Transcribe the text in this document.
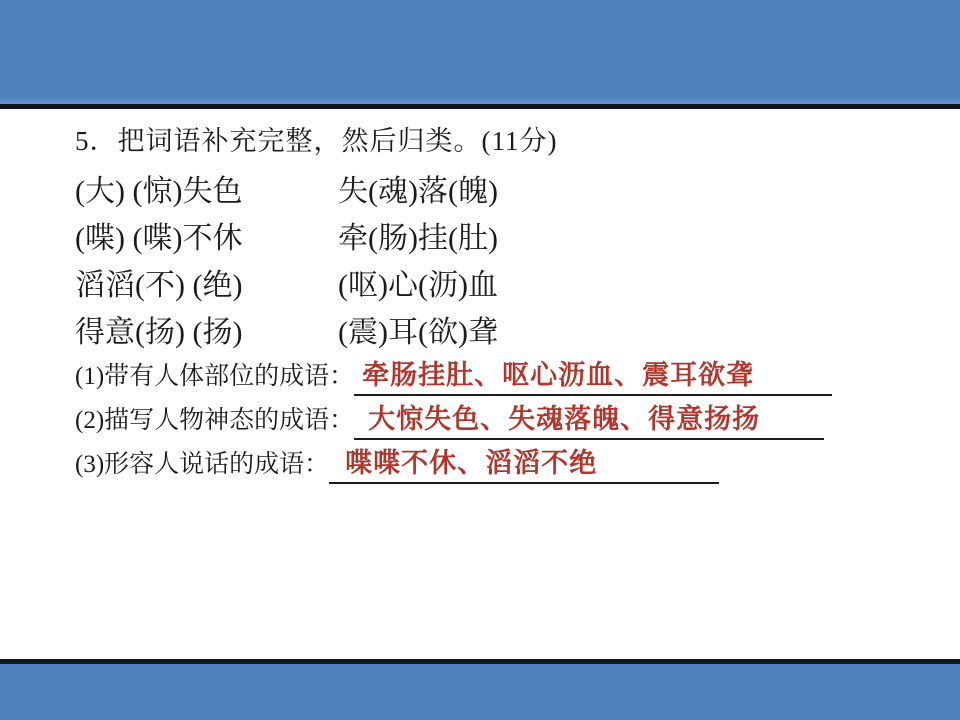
5．把词语补充完整，然后归类。(11分)
(大) (惊)失色	失(魂)落(魄)
(喋) (喋)不休	牵(肠)挂(肚)
滔滔(不) (绝)	(呕)心(沥)血
得意(扬) (扬)	(震)耳(欲)聋
(1)带有人体部位的成语： 牵肠挂肚、呕心沥血、震耳欲聋
(2)描写人物神态的成语： 大惊失色、失魂落魄、得意扬扬
(3)形容人说话的成语： 喋喋不休、滔滔不绝
